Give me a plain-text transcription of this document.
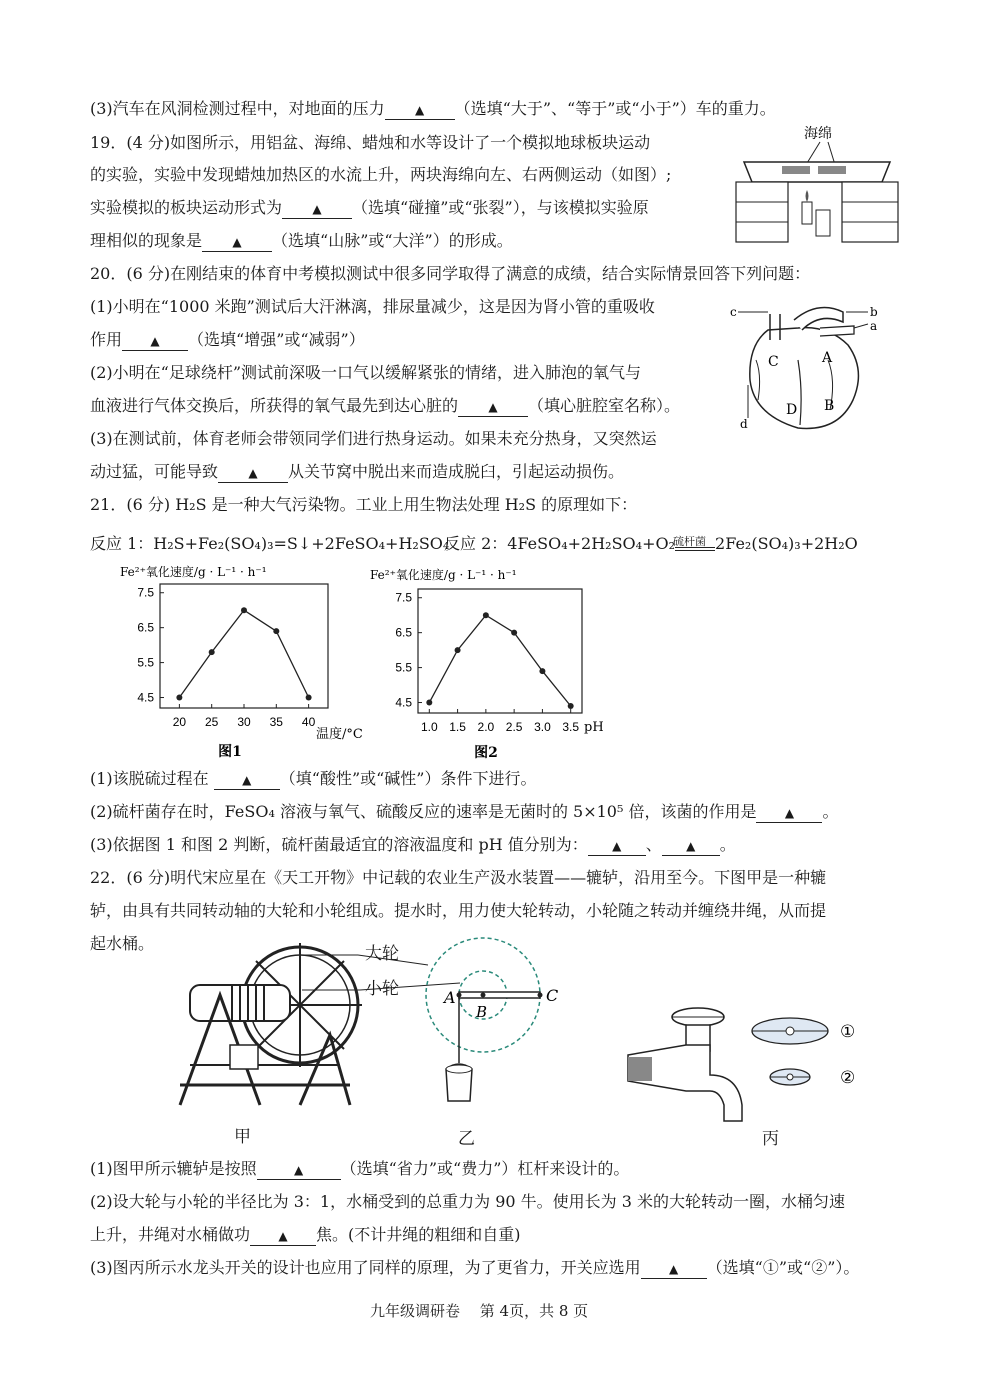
(3)汽车在风洞检测过程中，对地面的压力	▲ （选填“大于”、“等于”或“小于”）车的重力。
19．(4 分)如图所示，用铝盆、海绵、蜡烛和水等设计了一个模拟地球板块运动
的实验，实验中发现蜡烛加热区的水流上升，两块海绵向左、右两侧运动（如图）;
实验模拟的板块运动形式为	▲ （选填“碰撞”或“张裂”），与该模拟实验原
理相似的现象是	▲ （选填“山脉”或“大洋”）的形成。
海绵
20．(6 分)在刚结束的体育中考模拟测试中很多同学取得了满意的成绩，结合实际情景回答下列问题：
(1)小明在“1000 米跑”测试后大汗淋漓，排尿量减少，这是因为肾小管的重吸收
作用 ▲ （选填“增强”或“减弱”）
(2)小明在“足球绕杆”测试前深吸一口气以缓解紧张的情绪，进入肺泡的氧气与
血液进行气体交换后，所获得的氧气最先到达心脏的	▲ （填心脏腔室名称）。
(3)在测试前，体育老师会带领同学们进行热身运动。如果未充分热身，又突然运
动过猛，可能导致	▲ 从关节窝中脱出来而造成脱臼，引起运动损伤。
c	b
a
d
C	A
D B
21．(6 分) H₂S 是一种大气污染物。工业上用生物法处理 H₂S 的原理如下：
反应 1：H₂S+Fe₂(SO₄)₃=S↓+2FeSO₄+H₂SO₄
反应 2：4FeSO₄+2H₂SO₄+O₂
硫杆菌 2Fe₂(SO₄)₃+2H₂O
Fe²⁺氧化速度/g · L⁻¹ · h⁻¹
4.5
5.5
6.5
7.5
20 25 30 35 40
温度/°C
图1
Fe²⁺氧化速度/g · L⁻¹ · h⁻¹
4.5
5.5
6.5
7.5
1.0 1.5 2.0 2.5 3.0 3.5 pH
图2
(1)该脱硫过程在	▲ （填“酸性”或“碱性”）条件下进行。
(2)硫杆菌存在时，FeSO₄ 溶液与氧气、硫酸反应的速率是无菌时的 5×10⁵ 倍，该菌的作用是 ▲ 。
(3)依据图 1 和图 2 判断，硫杆菌最适宜的溶液温度和 pH 值分别为： ▲ 、 ▲ 。
22．(6 分)明代宋应星在《天工开物》中记载的农业生产汲水装置——辘轳，沿用至今。下图甲是一种辘
轳，由具有共同转动轴的大轮和小轮组成。提水时，用力使大轮转动，小轮随之转动并缠绕井绳，从而提
起水桶。
大轮
小轮	A
B
C
①
②
甲	乙	丙
(1)图甲所示辘轳是按照	▲ （选填“省力”或“费力”）杠杆来设计的。
(2)设大轮与小轮的半径比为 3：1，水桶受到的总重力为 90 牛。使用长为 3 米的大轮转动一圈，水桶匀速
上升，井绳对水桶做功 ▲ 焦。(不计井绳的粗细和自重)
(3)图丙所示水龙头开关的设计也应用了同样的原理，为了更省力，开关应选用 ▲ （选填“①”或“②”）。
九年级调研卷　 第 4页，共 8 页
